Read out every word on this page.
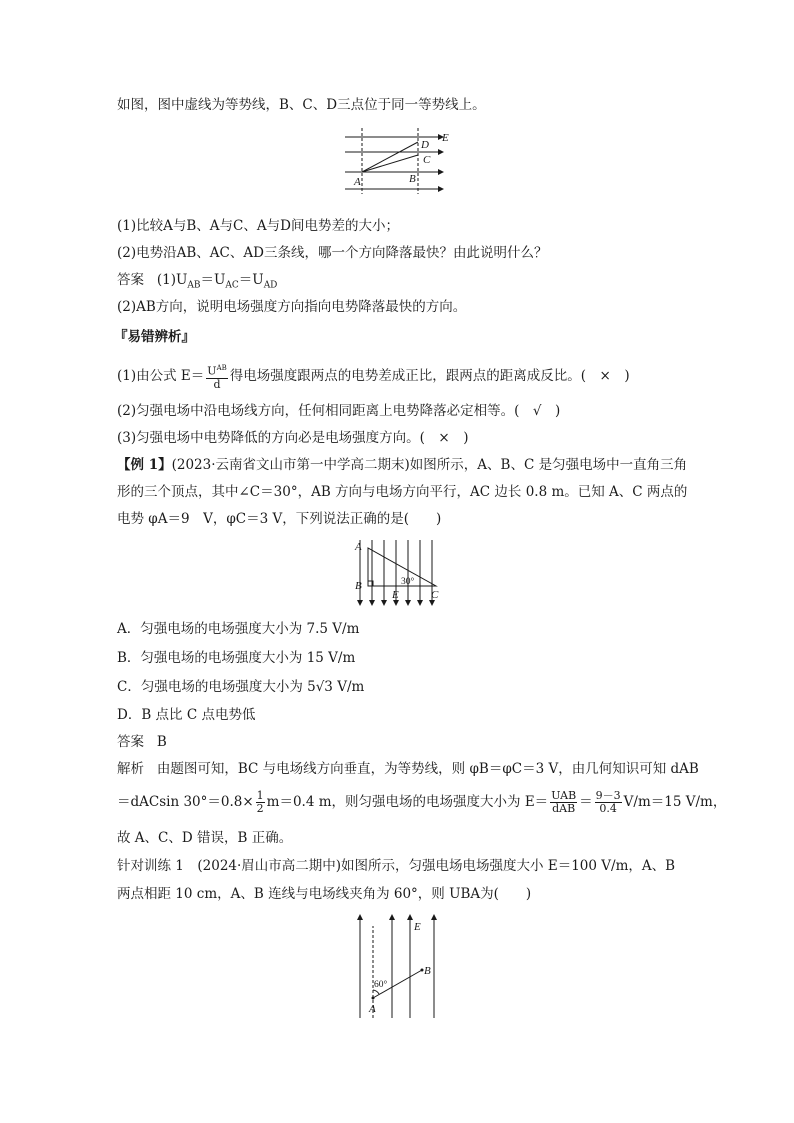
如图，图中虚线为等势线，B、C、D三点位于同一等势线上。
E
D
C
A	B
(1)比较A与B、A与C、A与D间电势差的大小；
(2)电势沿AB、AC、AD三条线，哪一个方向降落最快？由此说明什么？
答案 $(1)U_{AB}=U_{AC}=U_{AD}$
(2)AB方向，说明电场强度方向指向电势降落最快的方向。
『易错辨析』
(1)由公式 $E= \frac{U^{AB}}{d}$ 得电场强度跟两点的电势差成正比，跟两点的距离成反比。(　×　)
(2)匀强电场中沿电场线方向，任何相同距离上电势降落必定相等。(　√　)
(3)匀强电场中电势降低的方向必是电场强度方向。(　×　)
【例 1】(2023·云南省文山市第一中学高二期末)如图所示，A、B、C 是匀强电场中一直角三角
形的三个顶点，其中∠C＝30°，AB 方向与电场方向平行，AC 边长 0.8 m。已知 A、C 两点的
电势 φA＝9　V，φC＝3 V，下列说法正确的是(　　)
A
B
E	C
30°
A．匀强电场的电场强度大小为 7.5 V/m
B．匀强电场的电场强度大小为 15 V/m
C．匀强电场的电场强度大小为 5√3 V/m
D．B 点比 C 点电势低
答案 B
解析 由题图可知，BC 与电场线方向垂直，为等势线，则 φB＝φC＝3 V，由几何知识可知 dAB
＝dACsin $30^\circ=0.8\times \frac{1}{2} m=0.4$ m，则匀强电场的电场强度大小为 $E= \frac{\text{UAB}}{\text{dAB}} = \frac{9-3}{0.4} V/m=15$ V/m，
故 A、C、D 错误，B 正确。
针对训练 1　(2024·眉山市高二期中)如图所示，匀强电场电场强度大小 E＝100 V/m，A、B
两点相距 10 cm，A、B 连线与电场线夹角为 60°，则 UBA为(　　)
E
B
A
60°
